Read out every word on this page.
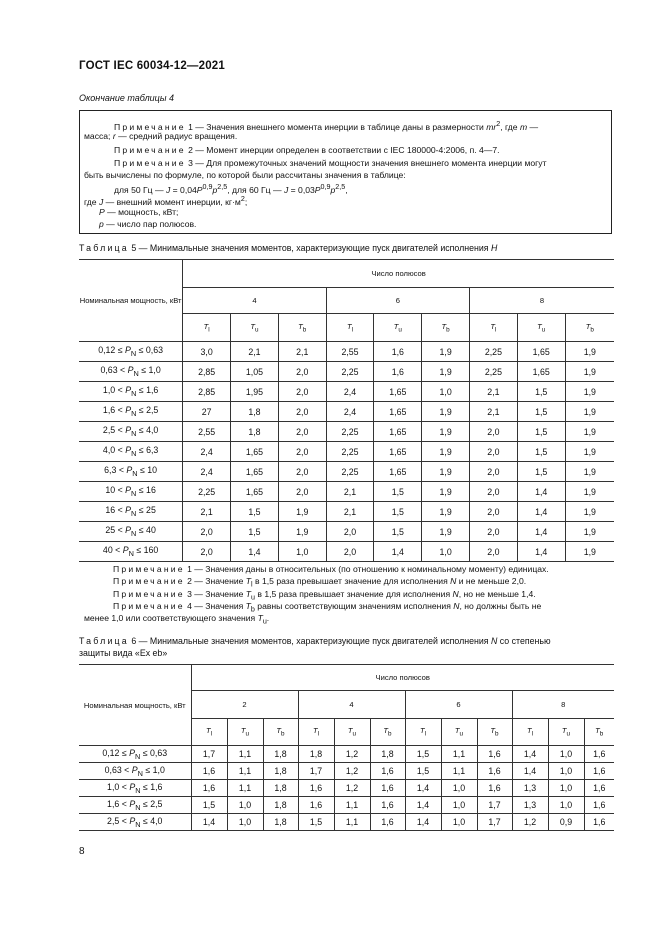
ГОСТ IEC 60034-12—2021
Окончание таблицы 4
Примечание 1 — Значения внешнего момента инерции в таблице даны в размерности $mr^2$, где m —
масса; r — средний радиус вращения.
Примечание 2 — Момент инерции определен в соответствии с IEC 180000-4:2006, п. 4—7.
Примечание 3 — Для промежуточных значений мощности значения внешнего момента инерции могут
быть вычислены по формуле, по которой были рассчитаны значения в таблице:
для 50 Гц — $J = 0,04P^{0,9}p^{2,5}$, для 60 Гц — $J = 0,03P^{0,9}p^{2,5}$,
где J — внешний момент инерции, $кг\cdot м^2$;
P — мощность, кВт;
p — число пар полюсов.
Таблица 5 — Минимальные значения моментов, характеризующие пуск двигателей исполнения H
Номинальная мощность, кВт	Число полюсов								
	4			6			8		
	$T_l$	$T_u$	$T_b$	$T_l$	$T_u$	$T_b$	$T_l$	$T_u$	$T_b$
$0,12 \le P_N \le 0,63$	3,0	2,1	2,1	2,55	1,6	1,9	2,25	1,65	1,9
$0,63 < P_N \le 1,0$	2,85	1,05	2,0	2,25	1,6	1,9	2,25	1,65	1,9
$1,0 < P_N \le 1,6$	2,85	1,95	2,0	2,4	1,65	1,0	2,1	1,5	1,9
$1,6 < P_N \le 2,5$	27	1,8	2,0	2,4	1,65	1,9	2,1	1,5	1,9
$2,5 < P_N \le 4,0$	2,55	1,8	2,0	2,25	1,65	1,9	2,0	1,5	1,9
$4,0 < P_N \le 6,3$	2,4	1,65	2,0	2,25	1,65	1,9	2,0	1,5	1,9
$6,3 < P_N \le 10$	2,4	1,65	2,0	2,25	1,65	1,9	2,0	1,5	1,9
$10 < P_N \le 16$	2,25	1,65	2,0	2,1	1,5	1,9	2,0	1,4	1,9
$16 < P_N \le 25$	2,1	1,5	1,9	2,1	1,5	1,9	2,0	1,4	1,9
$25 < P_N \le 40$	2,0	1,5	1,9	2,0	1,5	1,9	2,0	1,4	1,9
$40 < P_N \le 160$	2,0	1,4	1,0	2,0	1,4	1,0	2,0	1,4	1,9
Примечание 1 — Значения даны в относительных (по отношению к номинальному моменту) единицах.
Примечание 2 — Значение $T_l$ в 1,5 раза превышает значение для исполнения N и не меньше 2,0.
Примечание 3 — Значение $T_u$ в 1,5 раза превышает значение для исполнения N, но не меньше 1,4.
Примечание 4 — Значения $T_b$ равны соответствующим значениям исполнения N, но должны быть не
менее 1,0 или соответствующего значения $T_u$.
Таблица 6 — Минимальные значения моментов, характеризующие пуск двигателей исполнения N со степенью
защиты вида «Ex eb»
Номинальная мощность, кВт	Число полюсов											
	2			4			6			8		
	$T_l$	$T_u$	$T_b$	$T_l$	$T_u$	$T_b$	$T_l$	$T_u$	$T_b$	$T_l$	$T_u$	$T_b$
$0,12 \le P_N \le 0,63$	1,7	1,1	1,8	1,8	1,2	1,8	1,5	1,1	1,6	1,4	1,0	1,6
$0,63 < P_N \le 1,0$	1,6	1,1	1,8	1,7	1,2	1,6	1,5	1,1	1,6	1,4	1,0	1,6
$1,0 < P_N \le 1,6$	1,6	1,1	1,8	1,6	1,2	1,6	1,4	1,0	1,6	1,3	1,0	1,6
$1,6 < P_N \le 2,5$	1,5	1,0	1,8	1,6	1,1	1,6	1,4	1,0	1,7	1,3	1,0	1,6
$2,5 < P_N \le 4,0$	1,4	1,0	1,8	1,5	1,1	1,6	1,4	1,0	1,7	1,2	0,9	1,6
8
